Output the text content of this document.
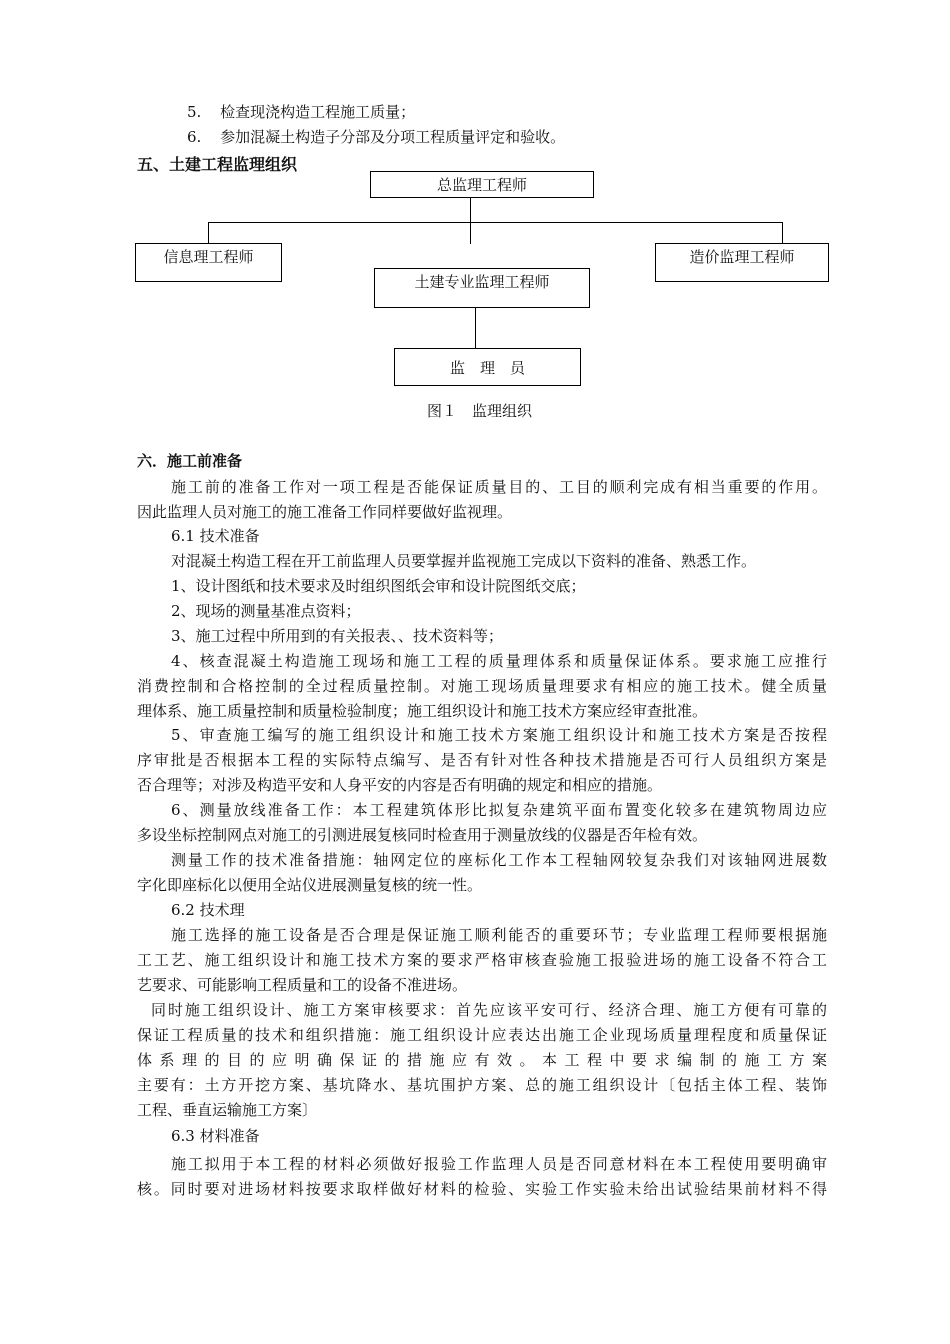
5. 检查现浇构造工程施工质量；
6. 参加混凝土构造子分部及分项工程质量评定和验收。
五、土建工程监理组织
总监理工程师
信息理工程师	造价监理工程师
土建专业监理工程师
监　理　员
图１　监理组织
六．施工前准备
施工前的准备工作对一项工程是否能保证质量目的、工目的顺利完成有相当重要的作用。
因此监理人员对施工的施工准备工作同样要做好监视理。
6.1 技术准备
对混凝土构造工程在开工前监理人员要掌握并监视施工完成以下资料的准备、熟悉工作。
1、设计图纸和技术要求及时组织图纸会审和设计院图纸交底；
2、现场的测量基准点资料；
3、施工过程中所用到的有关报表、、技术资料等；
4、核查混凝土构造施工现场和施工工程的质量理体系和质量保证体系。要求施工应推行
消费控制和合格控制的全过程质量控制。对施工现场质量理要求有相应的施工技术。健全质量
理体系、施工质量控制和质量检验制度；施工组织设计和施工技术方案应经审查批准。
5、审查施工编写的施工组织设计和施工技术方案施工组织设计和施工技术方案是否按程
序审批是否根据本工程的实际特点编写、是否有针对性各种技术措施是否可行人员组织方案是
否合理等；对涉及构造平安和人身平安的内容是否有明确的规定和相应的措施。
6、测量放线准备工作：本工程建筑体形比拟复杂建筑平面布置变化较多在建筑物周边应
多设坐标控制网点对施工的引测进展复核同时检查用于测量放线的仪器是否年检有效。
测量工作的技术准备措施：轴网定位的座标化工作本工程轴网较复杂我们对该轴网进展数
字化即座标化以便用全站仪进展测量复核的统一性。
6.2 技术理
施工选择的施工设备是否合理是保证施工顺利能否的重要环节；专业监理工程师要根据施
工工艺、施工组织设计和施工技术方案的要求严格审核查验施工报验进场的施工设备不符合工
艺要求、可能影响工程质量和工的设备不准进场。
同时施工组织设计、施工方案审核要求：首先应该平安可行、经济合理、施工方便有可靠的
保证工程质量的技术和组织措施：施工组织设计应表达出施工企业现场质量理程度和质量保证
体系理的目的应明确保证的措施应有效。本工程中要求编制的施工方案
主要有：土方开挖方案、基坑降水、基坑围护方案、总的施工组织设计〔包括主体工程、装饰
工程、垂直运输施工方案〕
6.3 材料准备
施工拟用于本工程的材料必须做好报验工作监理人员是否同意材料在本工程使用要明确审
核。同时要对进场材料按要求取样做好材料的检验、实验工作实验未给出试验结果前材料不得
